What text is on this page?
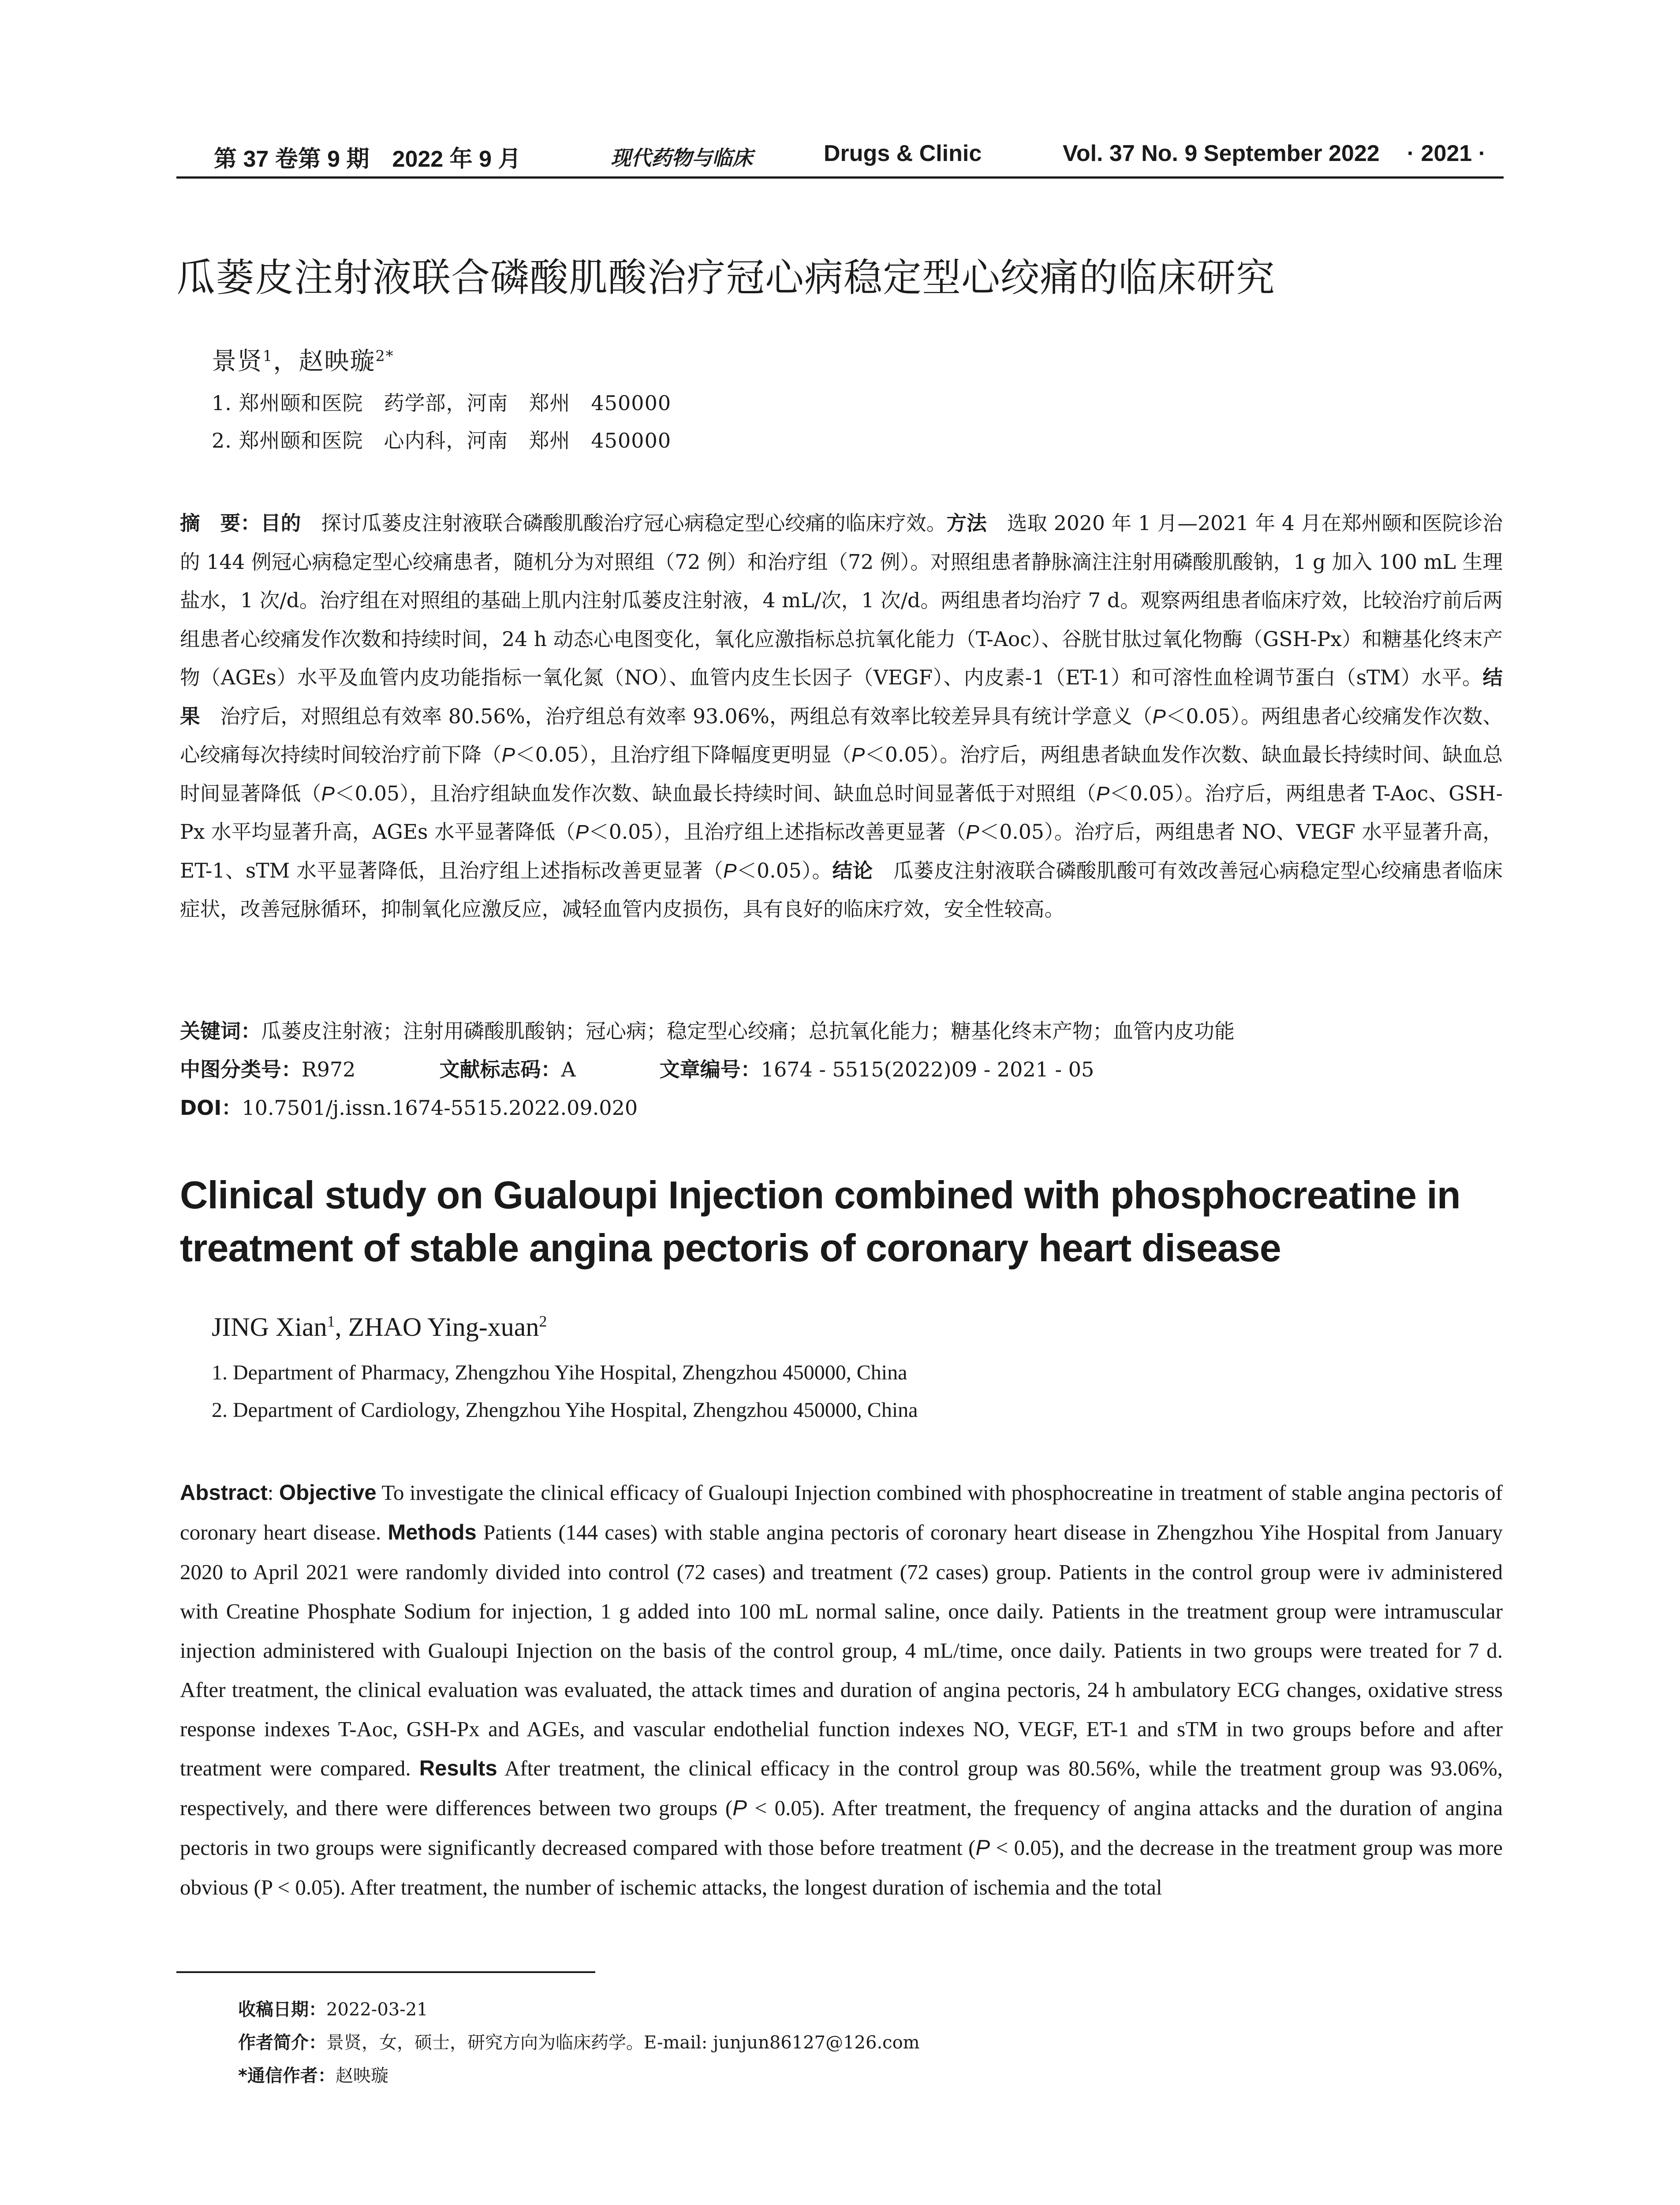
第 37 卷第 9 期　2022 年 9 月	现代药物与临床	Drugs & Clinic	Vol. 37 No. 9 September 2022 · 2021 ·
瓜蒌皮注射液联合磷酸肌酸治疗冠心病稳定型心绞痛的临床研究
景贤$^1$，赵映璇$^{2*}$
1. 郑州颐和医院　药学部，河南　郑州　450000
2. 郑州颐和医院　心内科，河南　郑州　450000
摘　要：目的　探讨瓜蒌皮注射液联合磷酸肌酸治疗冠心病稳定型心绞痛的临床疗效。方法　选取 2020 年 1 月—2021 年 4 月在郑州颐和医院诊治的 144 例冠心病稳定型心绞痛患者，随机分为对照组（72 例）和治疗组（72 例）。对照组患者静脉滴注注射用磷酸肌酸钠，1 g 加入 100 mL 生理盐水，1 次/d。治疗组在对照组的基础上肌内注射瓜蒌皮注射液，4 mL/次，1 次/d。两组患者均治疗 7 d。观察两组患者临床疗效，比较治疗前后两组患者心绞痛发作次数和持续时间，24 h 动态心电图变化，氧化应激指标总抗氧化能力（T-Aoc）、谷胱甘肽过氧化物酶（GSH-Px）和糖基化终末产物（AGEs）水平及血管内皮功能指标一氧化氮（NO）、血管内皮生长因子（VEGF）、内皮素-1（ET-1）和可溶性血栓调节蛋白（sTM）水平。结果　治疗后，对照组总有效率 80.56%，治疗组总有效率 93.06%，两组总有效率比较差异具有统计学意义（P＜0.05）。两组患者心绞痛发作次数、心绞痛每次持续时间较治疗前下降（P＜0.05），且治疗组下降幅度更明显（P＜0.05）。治疗后，两组患者缺血发作次数、缺血最长持续时间、缺血总时间显著降低（P＜0.05），且治疗组缺血发作次数、缺血最长持续时间、缺血总时间显著低于对照组（P＜0.05）。治疗后，两组患者 T-Aoc、GSH-Px 水平均显著升高，AGEs 水平显著降低（P＜0.05），且治疗组上述指标改善更显著（P＜0.05）。治疗后，两组患者 NO、VEGF 水平显著升高，ET-1、sTM 水平显著降低，且治疗组上述指标改善更显著（P＜0.05）。结论　瓜蒌皮注射液联合磷酸肌酸可有效改善冠心病稳定型心绞痛患者临床症状，改善冠脉循环，抑制氧化应激反应，减轻血管内皮损伤，具有良好的临床疗效，安全性较高。
关键词：瓜蒌皮注射液；注射用磷酸肌酸钠；冠心病；稳定型心绞痛；总抗氧化能力；糖基化终末产物；血管内皮功能
中图分类号：R972	文献标志码：A	文章编号：1674 - 5515(2022)09 - 2021 - 05
DOI：10.7501/j.issn.1674-5515.2022.09.020
Clinical study on Gualoupi Injection combined with phosphocreatine in treatment of stable angina pectoris of coronary heart disease
JING Xian$^1$, ZHAO Ying-xuan$^2$
1. Department of Pharmacy, Zhengzhou Yihe Hospital, Zhengzhou 450000, China
2. Department of Cardiology, Zhengzhou Yihe Hospital, Zhengzhou 450000, China
Abstract: Objective To investigate the clinical efficacy of Gualoupi Injection combined with phosphocreatine in treatment of stable angina pectoris of coronary heart disease. Methods Patients (144 cases) with stable angina pectoris of coronary heart disease in Zhengzhou Yihe Hospital from January 2020 to April 2021 were randomly divided into control (72 cases) and treatment (72 cases) group. Patients in the control group were iv administered with Creatine Phosphate Sodium for injection, 1 g added into 100 mL normal saline, once daily. Patients in the treatment group were intramuscular injection administered with Gualoupi Injection on the basis of the control group, 4 mL/time, once daily. Patients in two groups were treated for 7 d. After treatment, the clinical evaluation was evaluated, the attack times and duration of angina pectoris, 24 h ambulatory ECG changes, oxidative stress response indexes T-Aoc, GSH-Px and AGEs, and vascular endothelial function indexes NO, VEGF, ET-1 and sTM in two groups before and after treatment were compared. Results After treatment, the clinical efficacy in the control group was 80.56%, while the treatment group was 93.06%, respectively, and there were differences between two groups (P < 0.05). After treatment, the frequency of angina attacks and the duration of angina pectoris in two groups were significantly decreased compared with those before treatment (P < 0.05), and the decrease in the treatment group was more obvious (P < 0.05). After treatment, the number of ischemic attacks, the longest duration of ischemia and the total
收稿日期：2022-03-21
作者简介：景贤，女，硕士，研究方向为临床药学。E-mail: junjun86127@126.com
*通信作者：赵映璇
